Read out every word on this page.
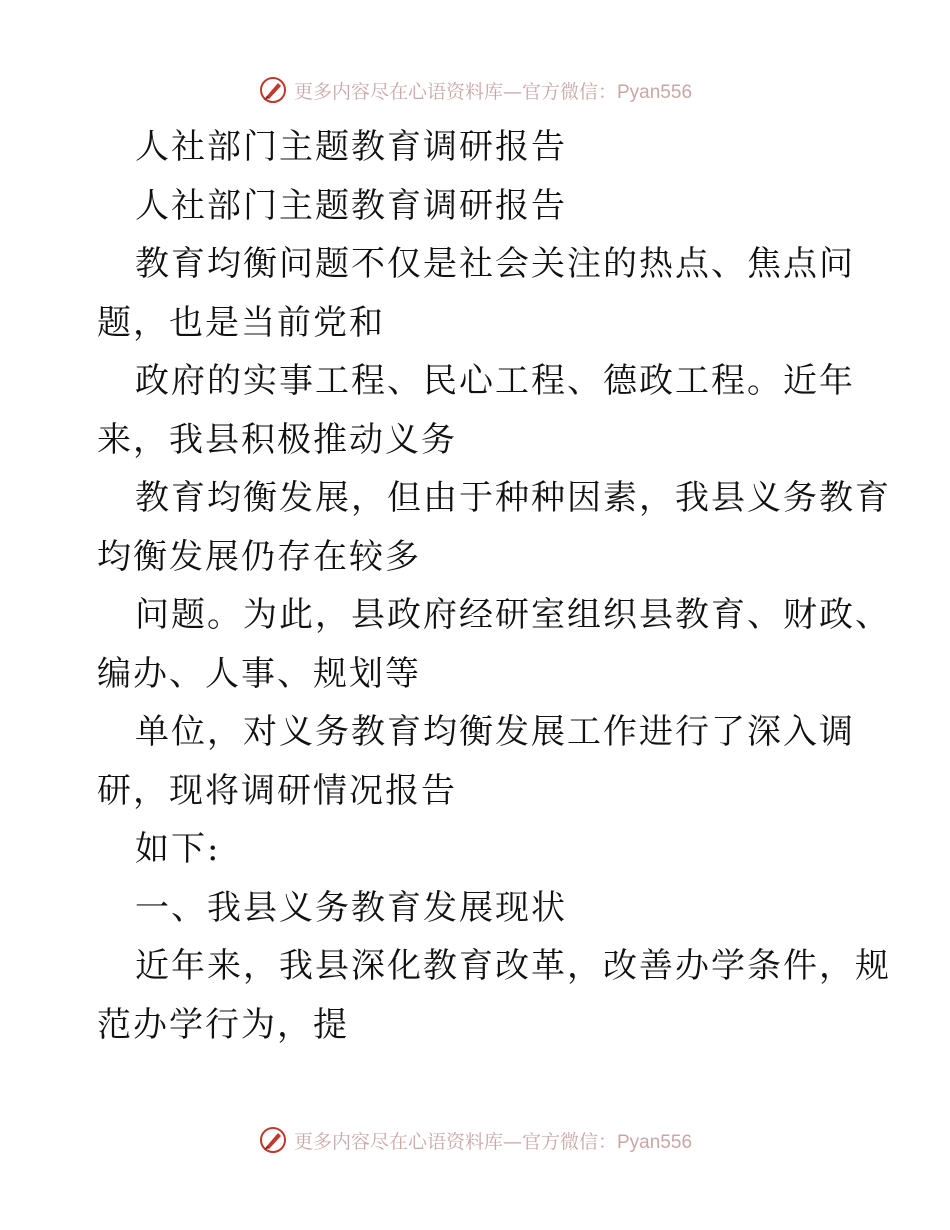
更多内容尽在心语资料库—官方微信：Pyan556
人社部门主题教育调研报告
人社部门主题教育调研报告
教育均衡问题不仅是社会关注的热点、焦点问
题，也是当前党和
政府的实事工程、民心工程、德政工程。近年
来，我县积极推动义务
教育均衡发展，但由于种种因素，我县义务教育
均衡发展仍存在较多
问题。为此，县政府经研室组织县教育、财政、
编办、人事、规划等
单位，对义务教育均衡发展工作进行了深入调
研，现将调研情况报告
如下:
一、我县义务教育发展现状
近年来，我县深化教育改革，改善办学条件，规
范办学行为，提
更多内容尽在心语资料库—官方微信：Pyan556
